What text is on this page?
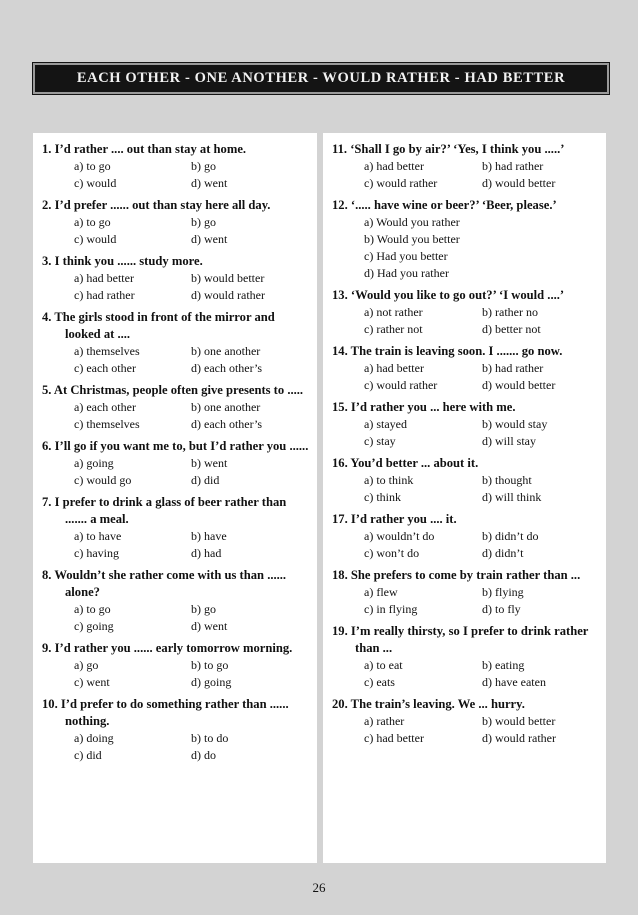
EACH OTHER - ONE ANOTHER - WOULD RATHER - HAD BETTER
1. I’d rather .... out than stay at home.
a) to go	b) go
c) would	d) went
2. I’d prefer ...... out than stay here all day.
a) to go	b) go
c) would	d) went
3. I think you ...... study more.
a) had better	b) would better
c) had rather	d) would rather
4. The girls stood in front of the mirror and looked at ....
a) themselves	b) one another
c) each other	d) each other’s
5. At Christmas, people often give presents to .....
a) each other	b) one another
c) themselves	d) each other’s
6. I’ll go if you want me to, but I’d rather you ......
a) going	b) went
c) would go	d) did
7. I prefer to drink a glass of beer rather than ....... a meal.
a) to have	b) have
c) having	d) had
8. Wouldn’t she rather come with us than ...... alone?
a) to go	b) go
c) going	d) went
9. I’d rather you ...... early tomorrow morning.
a) go	b) to go
c) went	d) going
10. I’d prefer to do something rather than ...... nothing.
a) doing	b) to do
c) did	d) do
11. ‘Shall I go by air?’ ‘Yes, I think you .....’
a) had better	b) had rather
c) would rather	d) would better
12. ‘..... have wine or beer?’ ‘Beer, please.’
a) Would you rather
b) Would you better
c) Had you better
d) Had you rather
13. ‘Would you like to go out?’ ‘I would ....’
a) not rather	b) rather no
c) rather not	d) better not
14. The train is leaving soon. I ....... go now.
a) had better	b) had rather
c) would rather	d) would better
15. I’d rather you ... here with me.
a) stayed	b) would stay
c) stay	d) will stay
16. You’d better ... about it.
a) to think	b) thought
c) think	d) will think
17. I’d rather you .... it.
a) wouldn’t do	b) didn’t do
c) won’t do	d) didn’t
18. She prefers to come by train rather than ...
a) flew	b) flying
c) in flying	d) to fly
19. I’m really thirsty, so I prefer to drink rather than ...
a) to eat	b) eating
c) eats	d) have eaten
20. The train’s leaving. We ... hurry.
a) rather	b) would better
c) had better	d) would rather
26
